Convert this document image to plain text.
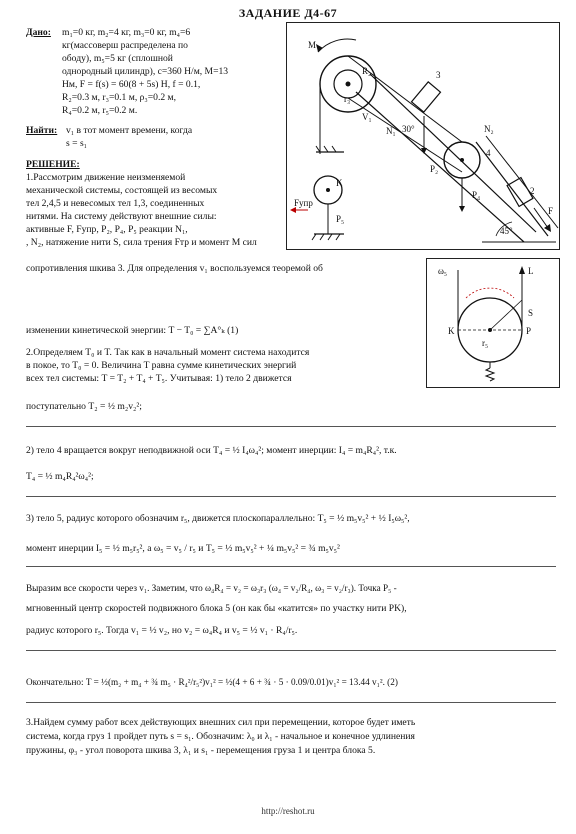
ЗАДАНИЕ Д4-67
Дано: m₁=0 кг, m₂=4 кг, m₃=0 кг, m₄=6
кг(массоверш распределена по
ободу), m₅=5 кг (сплошной
однородный цилиндр), c=360 Н/м, M=13
Нм, F = f(s) = 60(8 + 5s) Н, f = 0.1,
R₂=0.3 м, r₃=0.1 м, ρ₃=0.2 м,
R₄=0.2 м, r₅=0.2 м.
Найти: v₁ в тот момент времени, когда
s = s₁
РЕШЕНИЕ:
1.Рассмотрим движение неизменяемой
механической системы, состоящей из весомых
тел 2,4,5 и невесомых тел 1,3, соединенных
нитями. На систему действуют внешние силы:
активные F, Fупр, P₂, P₄, P₅ реакции N₁,
, N₂, натяжение нити S, сила трения Fтр и момент M сил
M
R₂
r₃
V₁
N₁
3
30°
P₂
P₄
N₂
2
F
45°
K
Fупр
P₅
4
ω₅	L
K	P
r₅
S
сопротивления шкива 3. Для определения v₁ воспользуемся теоремой об
изменении кинетической энергии: T − T₀ = ∑A°ₖ (1)
2.Определяем T₀ и T. Так как в начальный момент система находится
в покое, то T₀ = 0. Величина T равна сумме кинетических энергий
всех тел системы: T = T₂ + T₄ + T₅. Учитывая: 1) тело 2 движется
поступательно T₂ = ½ m₂v₂²;
2) тело 4 вращается вокруг неподвижной оси T₄ = ½ I₄ω₄²; момент инерции: I₄ = m₄R₄², т.к.
T₄ = ½ m₄R₄²ω₄²;
3) тело 5, радиус которого обозначим r₅, движется плоскопараллельно: T₅ = ½ m₅v₅² + ½ I₅ω₅²,
момент инерции I₅ = ½ m₅r₅², а ω₅ = v₅ / r₅ и T₅ = ½ m₅v₅² + ¼ m₅v₅² = ¾ m₅v₅²
Выразим все скорости через v₁. Заметим, что ω₄R₄ = v₂ = ω₃r₃ (ω₄ = v₂/R₄, ω₃ = v₂/r₃). Точка P₅ -
мгновенный центр скоростей подвижного блока 5 (он как бы «катится» по участку нити PK),
радиус которого r₅. Тогда v₁ = ½ v₂, но v₂ = ω₄R₄ и v₅ = ½ v₁ · R₄/r₅.
Окончательно: T = ½(m₂ + m₄ + ¾ m₅ · R₄²/r₅²)v₁² = ½(4 + 6 + ¾ · 5 · 0.09/0.01)v₁² = 13.44 v₁². (2)
3.Найдем сумму работ всех действующих внешних сил при перемещении, которое будет иметь
система, когда груз 1 пройдет путь s = s₁. Обозначим: λ₀ и λ₁ - начальное и конечное удлинения
пружины, φ₃ - угол поворота шкива 3, λ₁ и s₁ - перемещения груза 1 и центра блока 5.
http://reshot.ru
